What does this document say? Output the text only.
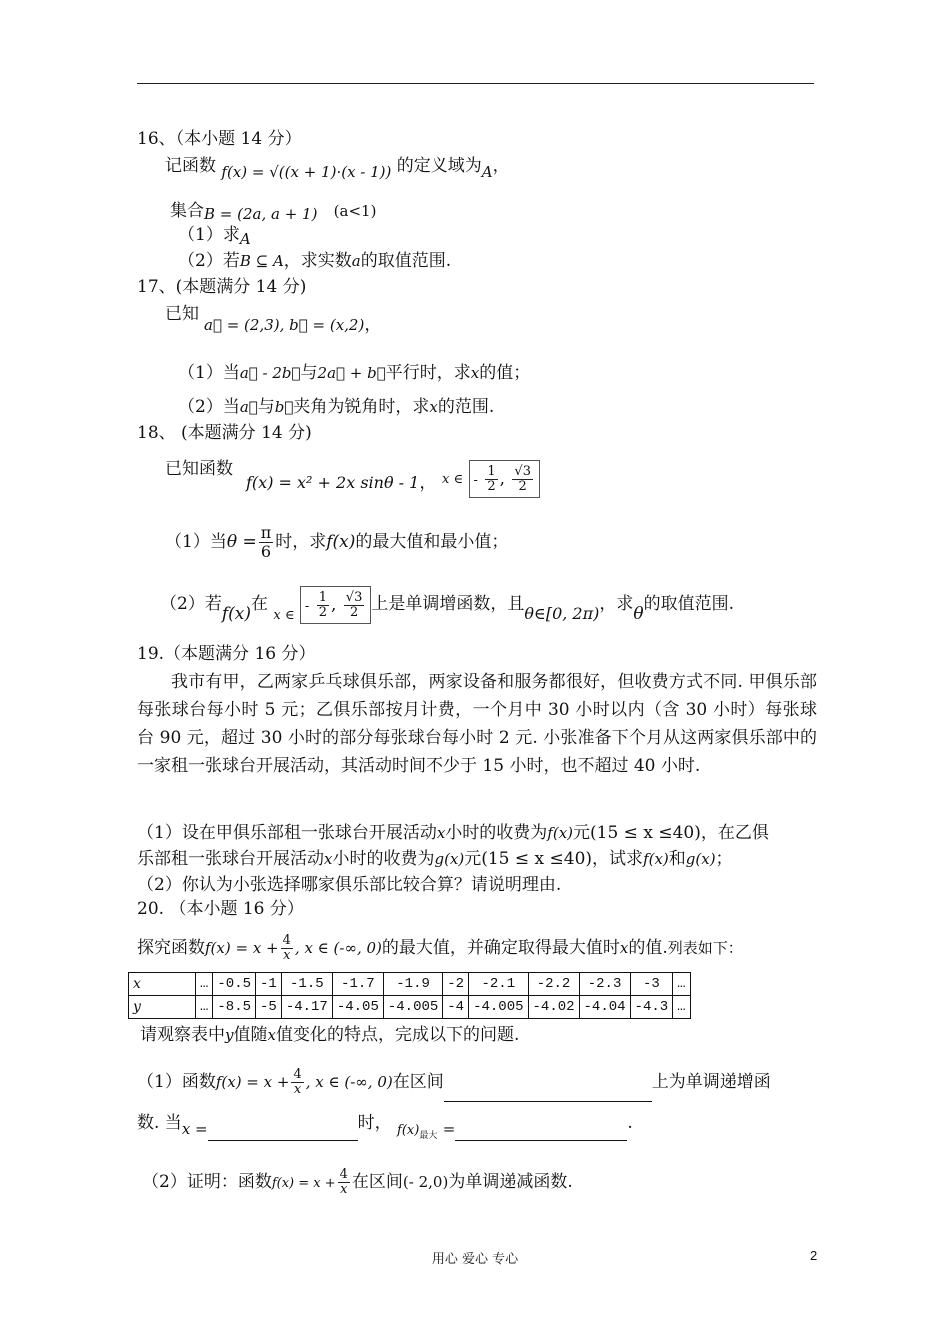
16、（本小题 14 分）
记函数 f(x) = √((x + 1)·(x - 1)) 的定义域为A，
集合B = (2a, a + 1) (a<1)
（1）求A
（2）若B ⊆ A，求实数a的取值范围.
17、(本题满分 14 分)
已知
a⃗ = (2,3), b⃗ = (x,2)，
（1）当a⃗ - 2b⃗与2a⃗ + b⃗平行时，求x的值；
（2）当a⃗与b⃗夹角为锐角时，求x的范围.
18、 (本题满分 14 分)
已知函数
f(x) = x² + 2x sinθ - 1， x ∈ - $\frac{1}{2}$ , $\frac{√3}{2}$
（1）当$\theta = \frac{\pi}{6}$ 时，求f(x)的最大值和最小值；
（2）若f(x)在 $_{x \in} - \frac{1}{2}$ , $\frac{√3}{2}$ 上是单调增函数，且θ∈[0, 2π)，求θ的取值范围.
19.（本题满分 16 分）

我市有甲，乙两家乒乓球俱乐部，两家设备和服务都很好，但收费方式不同. 甲俱乐部每张球台每小时 5 元；乙俱乐部按月计费，一个月中 30 小时以内（含 30 小时）每张球台 90 元，超过 30 小时的部分每张球台每小时 2 元. 小张准备下个月从这两家俱乐部中的一家租一张球台开展活动，其活动时间不少于 15 小时，也不超过 40 小时.

（1）设在甲俱乐部租一张球台开展活动x小时的收费为f(x)元(15 ≤ x ≤40)，在乙俱
乐部租一张球台开展活动x小时的收费为g(x)元(15 ≤ x ≤40)，试求f(x)和g(x)；
（2）你认为小张选择哪家俱乐部比较合算？请说明理由.
20. （本小题 16 分）
探究函数$f(x) = x + \frac{4}{x}$ , x ∈ (-∞, 0)的最大值，并确定取得最大值时x的值.列表如下：
x	…	-0.5	-1	-1.5	-1.7	-1.9	-2	-2.1	-2.2	-2.3	-3	…
y	…	-8.5	-5	-4.17	-4.05	-4.005	-4	-4.005	-4.02	-4.04	-4.3	…
请观察表中y值随x值变化的特点，完成以下的问题.
（1）函数$f(x) = x + \frac{4}{x}$ , x ∈ (-∞, 0)在区间	上为单调递增函
数. 当x =	时， $_{f(x)最大}$ =	.
（2）证明：函数$f(x) = x + \frac{4}{x}$ 在区间(- 2,0)为单调递减函数.
用心 爱心 专心	2
